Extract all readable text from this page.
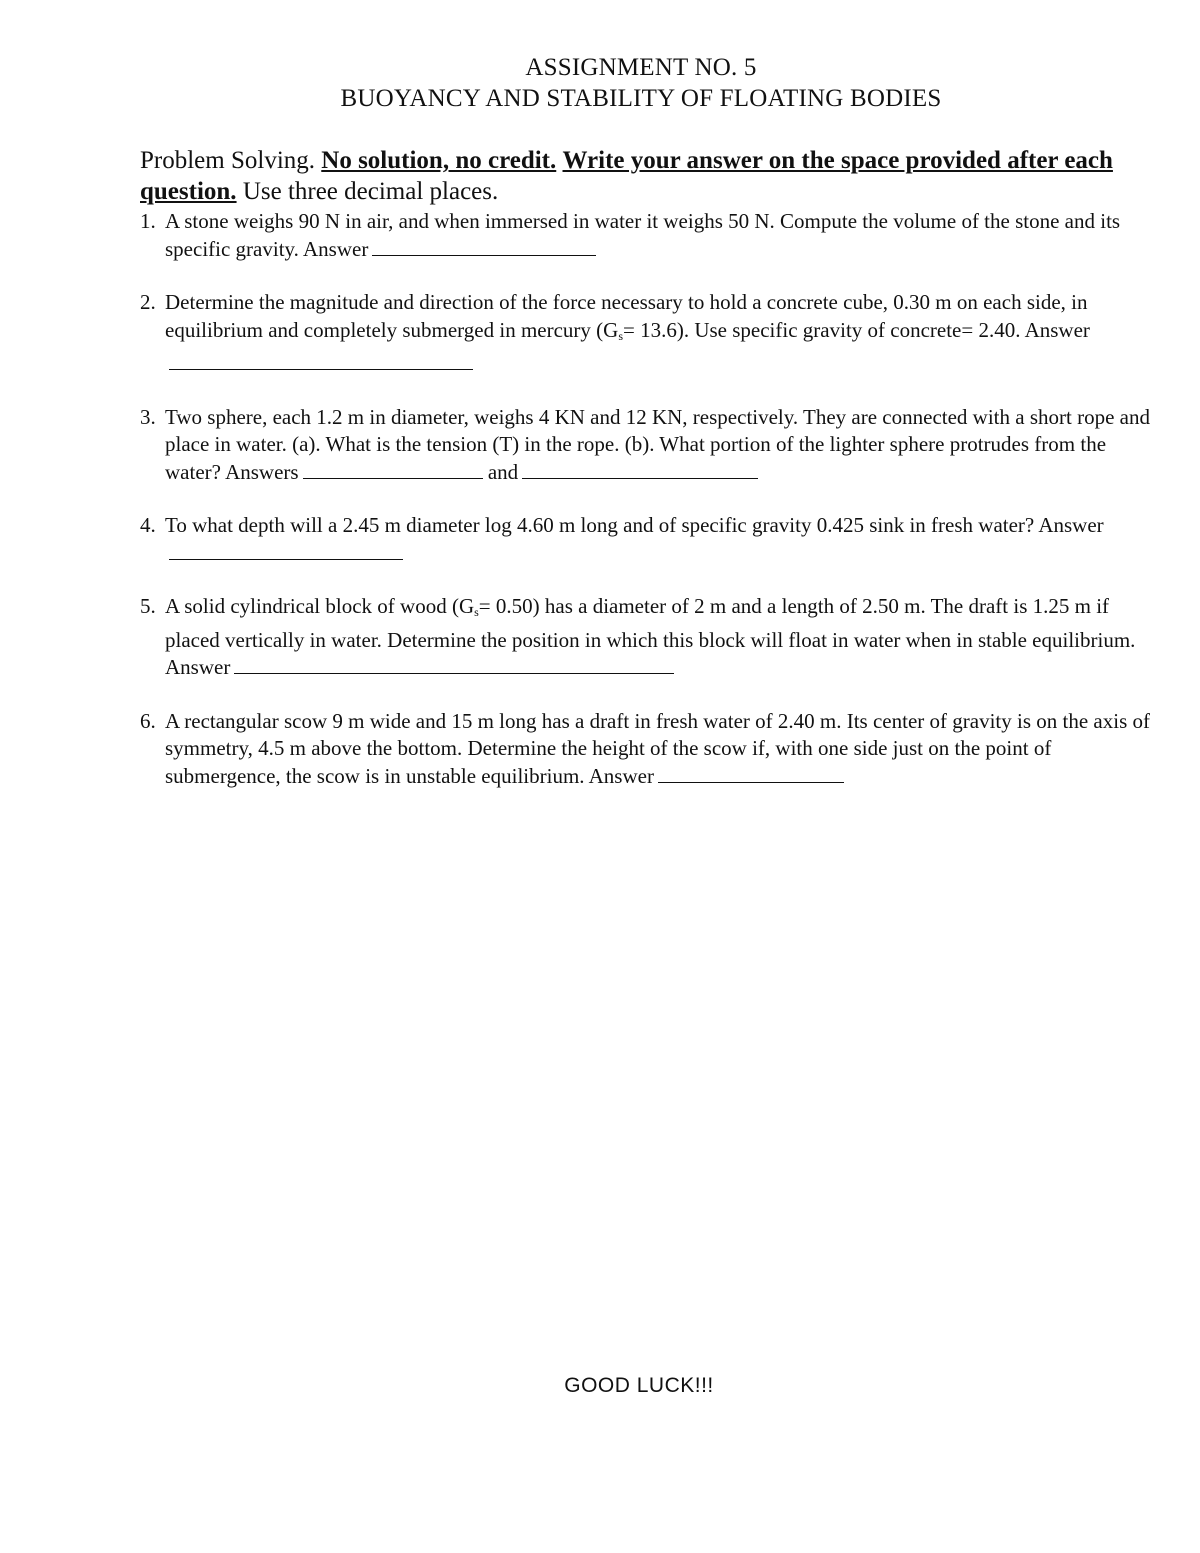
ASSIGNMENT NO. 5
BUOYANCY AND STABILITY OF FLOATING BODIES
Problem Solving. No solution, no credit. Write your answer on the space provided after each question. Use three decimal places.
1. A stone weighs 90 N in air, and when immersed in water it weighs 50 N. Compute the volume of the stone and its specific gravity. Answer
2. Determine the magnitude and direction of the force necessary to hold a concrete cube, 0.30 m on each side, in equilibrium and completely submerged in mercury $(G_s= 13.6)$. Use specific gravity of concrete= 2.40. Answer
3. Two sphere, each 1.2 m in diameter, weighs 4 KN and 12 KN, respectively. They are connected with a short rope and place in water. (a). What is the tension (T) in the rope. (b). What portion of the lighter sphere protrudes from the water? Answers	and
4. To what depth will a 2.45 m diameter log 4.60 m long and of specific gravity 0.425 sink in fresh water? Answer
5. A solid cylindrical block of wood $(G_s= 0.50)$ has a diameter of 2 m and a length of 2.50 m. The draft is 1.25 m if placed vertically in water. Determine the position in which this block will float in water when in stable equilibrium. Answer
6. A rectangular scow 9 m wide and 15 m long has a draft in fresh water of 2.40 m. Its center of gravity is on the axis of symmetry, 4.5 m above the bottom. Determine the height of the scow if, with one side just on the point of submergence, the scow is in unstable equilibrium. Answer
GOOD LUCK!!!
